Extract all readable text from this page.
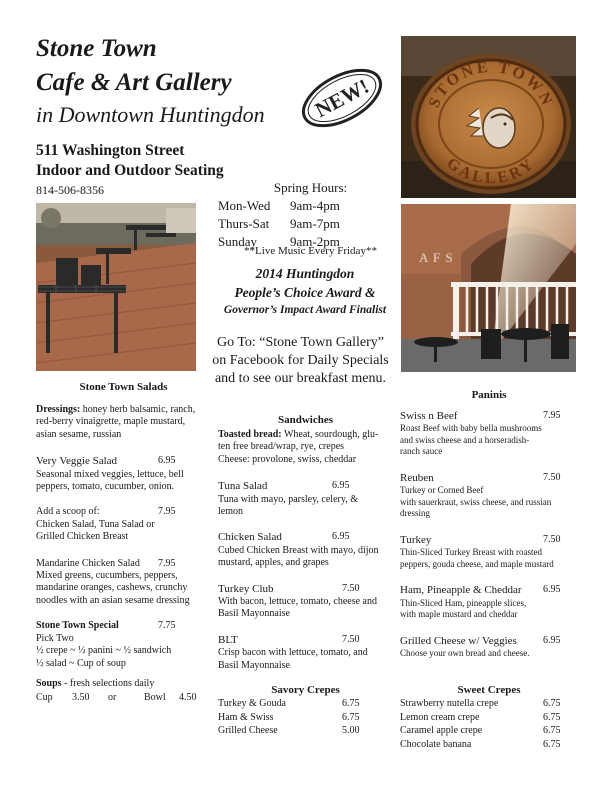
Stone Town
Cafe & Art Gallery
in Downtown Huntingdon
511 Washington Street
Indoor and Outdoor Seating
814-506-8356
NEW!	STONE TOWN
GALLERY
A F S
Spring Hours:
Mon-Wed 9am-4pm
Thurs-Sat 9am-7pm
Sunday	9am-2pm
**Live Music Every Friday**
2014 Huntingdon
People’s Choice Award &
Governor’s Impact Award Finalist
Go To: “Stone Town Gallery”
on Facebook for Daily Specials
and to see our breakfast menu.
Stone Town Salads
Dressings: honey herb balsamic, ranch,
red-berry vinaigrette, maple mustard,
asian sesame, russian
Very Veggie Salad	6.95
Seasonal mixed veggies, lettuce, bell
peppers, tomato, cucumber, onion.
Add a scoop of:	7.95
Chicken Salad, Tuna Salad or
Grilled Chicken Breast
Mandarine Chicken Salad 7.95
Mixed greens, cucumbers, peppers,
mandarine oranges, cashews, crunchy
noodles with an asian sesame dressing
Stone Town Special	7.75
Pick Two
½ crepe ~ ½ panini ~ ½ sandwich
½ salad ~ Cup of soup
Soups - fresh selections daily
Cup 3.50 or	Bowl 4.50
Sandwiches
Toasted bread: Wheat, sourdough, glu-
ten free bread/wrap, rye, crepes
Cheese: provolone, swiss, cheddar
Tuna Salad	6.95
Tuna with mayo, parsley, celery, &
lemon
Chicken Salad	6.95
Cubed Chicken Breast with mayo, dijon
mustard, apples, and grapes
Turkey Club	7.50
With bacon, lettuce, tomato, cheese and
Basil Mayonnaise
BLT	7.50
Crisp bacon with lettuce, tomato, and
Basil Mayonnaise
Savory Crepes
Turkey & Gouda	6.75
Ham & Swiss	6.75
Grilled Cheese	5.00
Paninis
Swiss n Beef	7.95
Roast Beef with baby bella mushrooms
and swiss cheese and a horseradish-
ranch sauce
Reuben	7.50
Turkey or Corned Beef
with sauerkraut, swiss cheese, and russian
dressing
Turkey	7.50
Thin-Sliced Turkey Breast with roasted
peppers, gouda cheese, and maple mustard
Ham, Pineapple & Cheddar 6.95
Thin-Sliced Ham, pineapple slices,
with maple mustard and cheddar
Grilled Cheese w/ Veggies	6.95
Choose your own bread and cheese.
Sweet Crepes
Strawberry nutella crepe	6.75
Lemon cream crepe	6.75
Caramel apple crepe	6.75
Chocolate banana	6.75
